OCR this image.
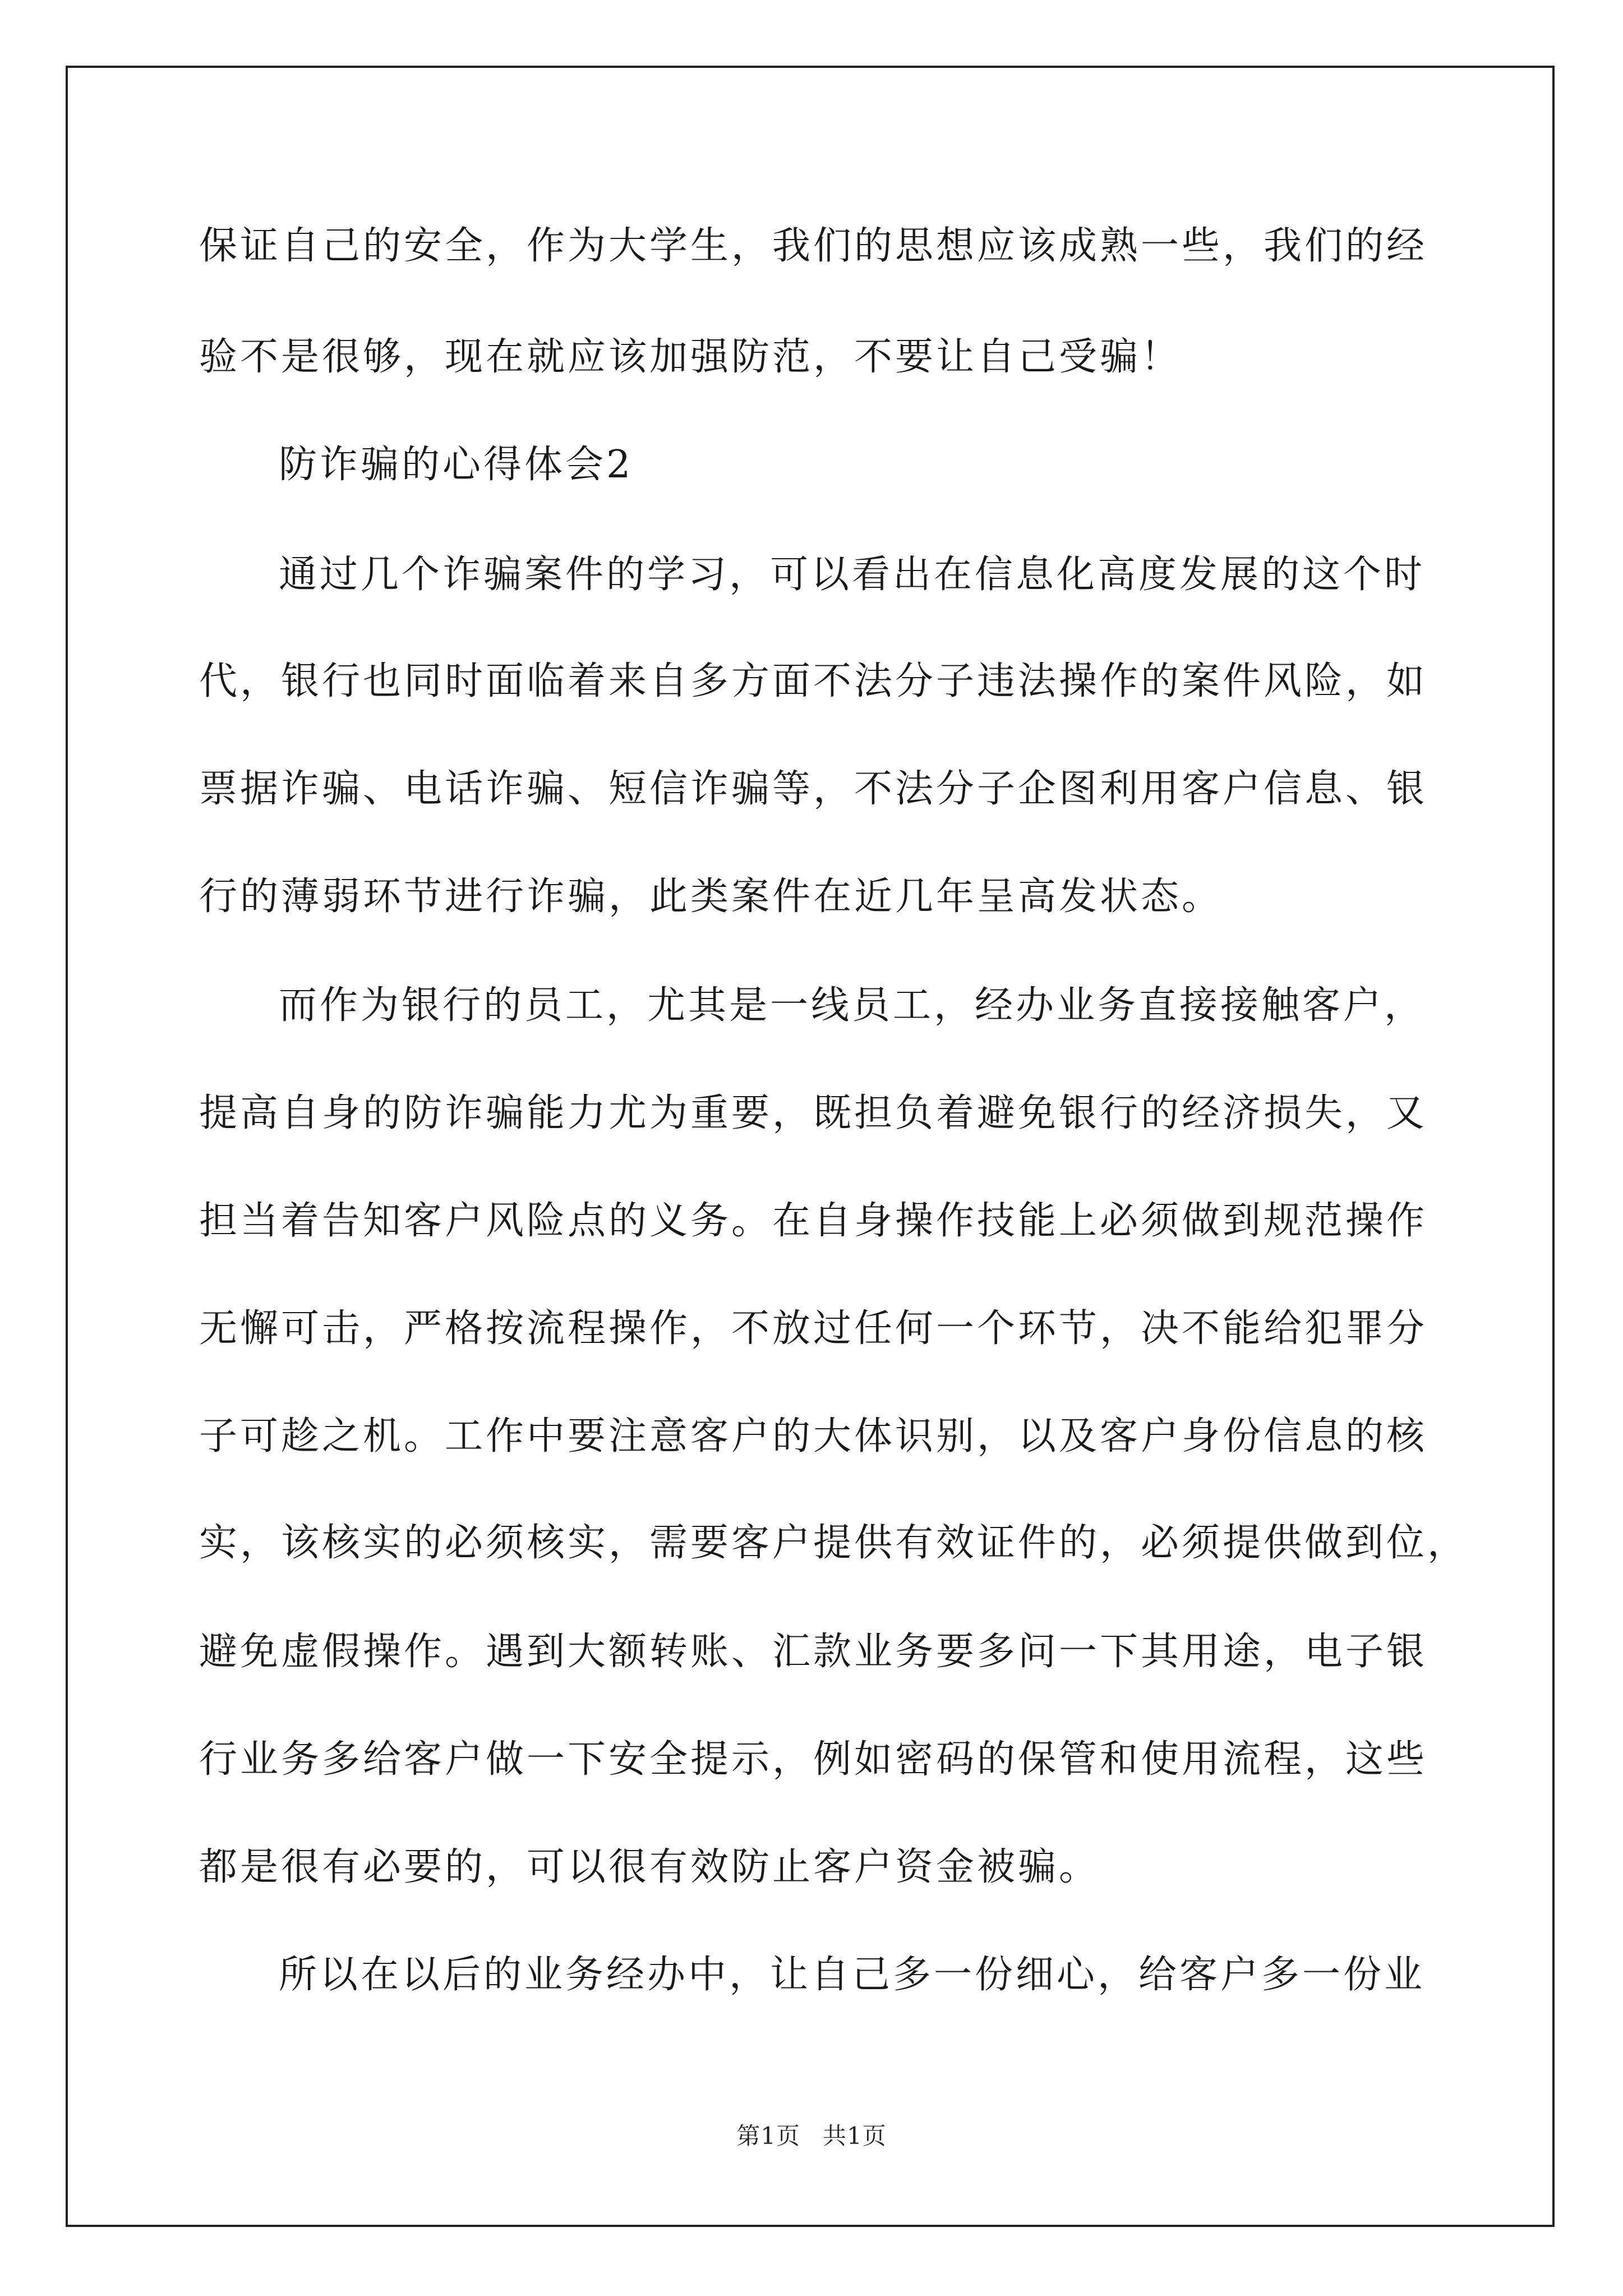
保证自己的安全，作为大学生，我们的思想应该成熟一些，我们的经
验不是很够，现在就应该加强防范，不要让自己受骗！
防诈骗的心得体会2
通过几个诈骗案件的学习，可以看出在信息化高度发展的这个时
代，银行也同时面临着来自多方面不法分子违法操作的案件风险，如
票据诈骗、电话诈骗、短信诈骗等，不法分子企图利用客户信息、银
行的薄弱环节进行诈骗，此类案件在近几年呈高发状态。
而作为银行的员工，尤其是一线员工，经办业务直接接触客户，
提高自身的防诈骗能力尤为重要，既担负着避免银行的经济损失，又
担当着告知客户风险点的义务。在自身操作技能上必须做到规范操作
无懈可击，严格按流程操作，不放过任何一个环节，决不能给犯罪分
子可趁之机。工作中要注意客户的大体识别，以及客户身份信息的核
实，该核实的必须核实，需要客户提供有效证件的，必须提供做到位，
避免虚假操作。遇到大额转账、汇款业务要多问一下其用途，电子银
行业务多给客户做一下安全提示，例如密码的保管和使用流程，这些
都是很有必要的，可以很有效防止客户资金被骗。
所以在以后的业务经办中，让自己多一份细心，给客户多一份业
第1页 共1页
